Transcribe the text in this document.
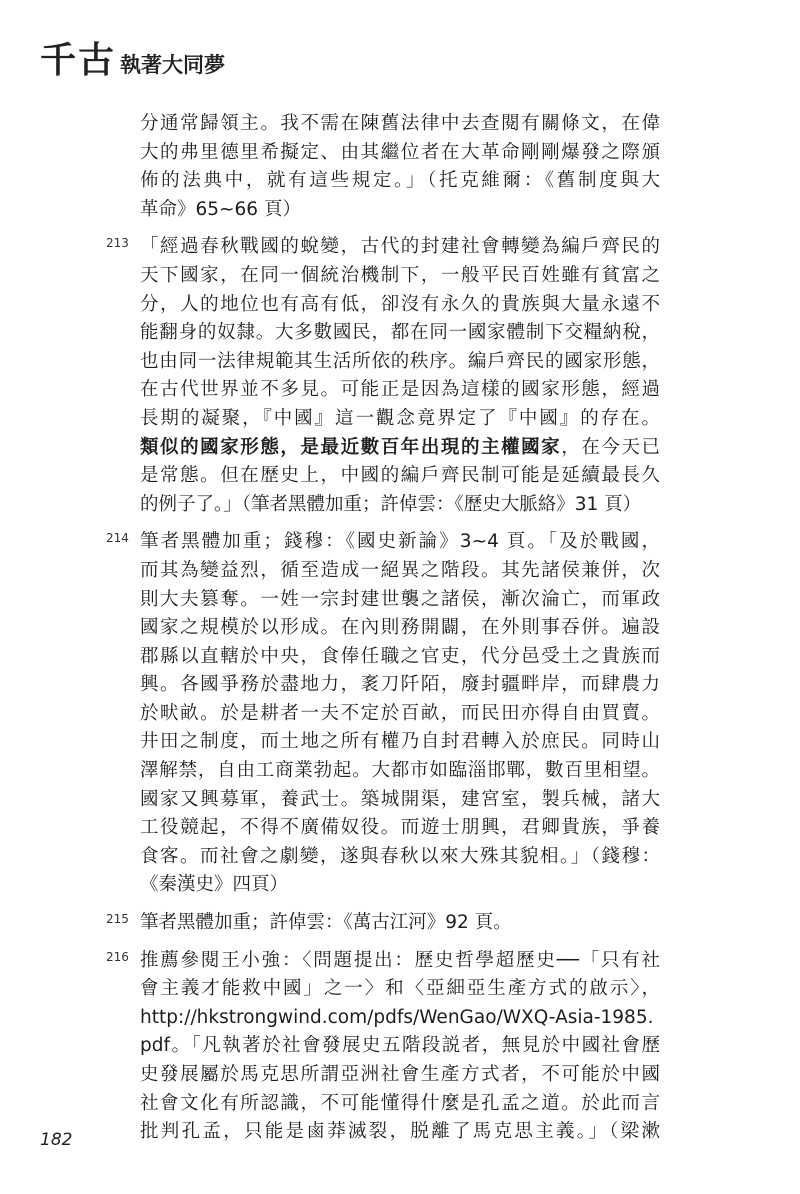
千古 執著大同夢
分通常歸領主。我不需在陳舊法律中去查閱有關條文，在偉
大的弗里德里希擬定、由其繼位者在大革命剛剛爆發之際頒
佈的法典中，就有這些規定。」（托克維爾：《舊制度與大
革命》65~66 頁）
213 「經過春秋戰國的蛻變，古代的封建社會轉變為編戶齊民的
天下國家，在同一個統治機制下，一般平民百姓雖有貧富之
分，人的地位也有高有低，卻沒有永久的貴族與大量永遠不
能翻身的奴隸。大多數國民，都在同一國家體制下交糧納稅，
也由同一法律規範其生活所依的秩序。編戶齊民的國家形態，
在古代世界並不多見。可能正是因為這樣的國家形態，經過
長期的凝聚，『中國』這一觀念竟界定了『中國』的存在。
類似的國家形態，是最近數百年出現的主權國家，在今天已
是常態。但在歷史上，中國的編戶齊民制可能是延續最長久
的例子了。」（筆者黑體加重；許倬雲：《歷史大脈絡》31 頁）
214 筆者黑體加重；錢穆：《國史新論》3~4 頁。「及於戰國，
而其為變益烈，循至造成一絕異之階段。其先諸侯兼併，次
則大夫篡奪。一姓一宗封建世襲之諸侯，漸次淪亡，而軍政
國家之規模於以形成。在內則務開闢，在外則事吞併。遍設
郡縣以直轄於中央，食俸任職之官吏，代分邑受土之貴族而
興。各國爭務於盡地力，袲刀阡陌，廢封疆畔岸，而肆農力
於畎畝。於是耕者一夫不定於百畝，而民田亦得自由買賣。
井田之制度，而土地之所有權乃自封君轉入於庶民。同時山
澤解禁，自由工商業勃起。大都市如臨淄邯鄲，數百里相望。
國家又興募軍，養武士。築城開渠，建宮室，製兵械，諸大
工役競起，不得不廣備奴役。而遊士朋興，君卿貴族，爭養
食客。而社會之劇變，遂與春秋以來大殊其貌相。」（錢穆：
《秦漢史》四頁）
215 筆者黑體加重；許倬雲：《萬古江河》92 頁。
216 推薦參閱王小強：〈問題提出：歷史哲學超歷史──「只有社
會主義才能救中國」之一〉和〈亞細亞生產方式的啟示〉，
http://hkstrongwind.com/pdfs/WenGao/WXQ-Asia-1985.
pdf。「凡執著於社會發展史五階段説者，無見於中國社會歷
史發展屬於馬克思所謂亞洲社會生產方式者，不可能於中國
社會文化有所認識，不可能懂得什麼是孔孟之道。於此而言
批判孔孟，只能是鹵莽滅裂，脱離了馬克思主義。」（梁漱
182
